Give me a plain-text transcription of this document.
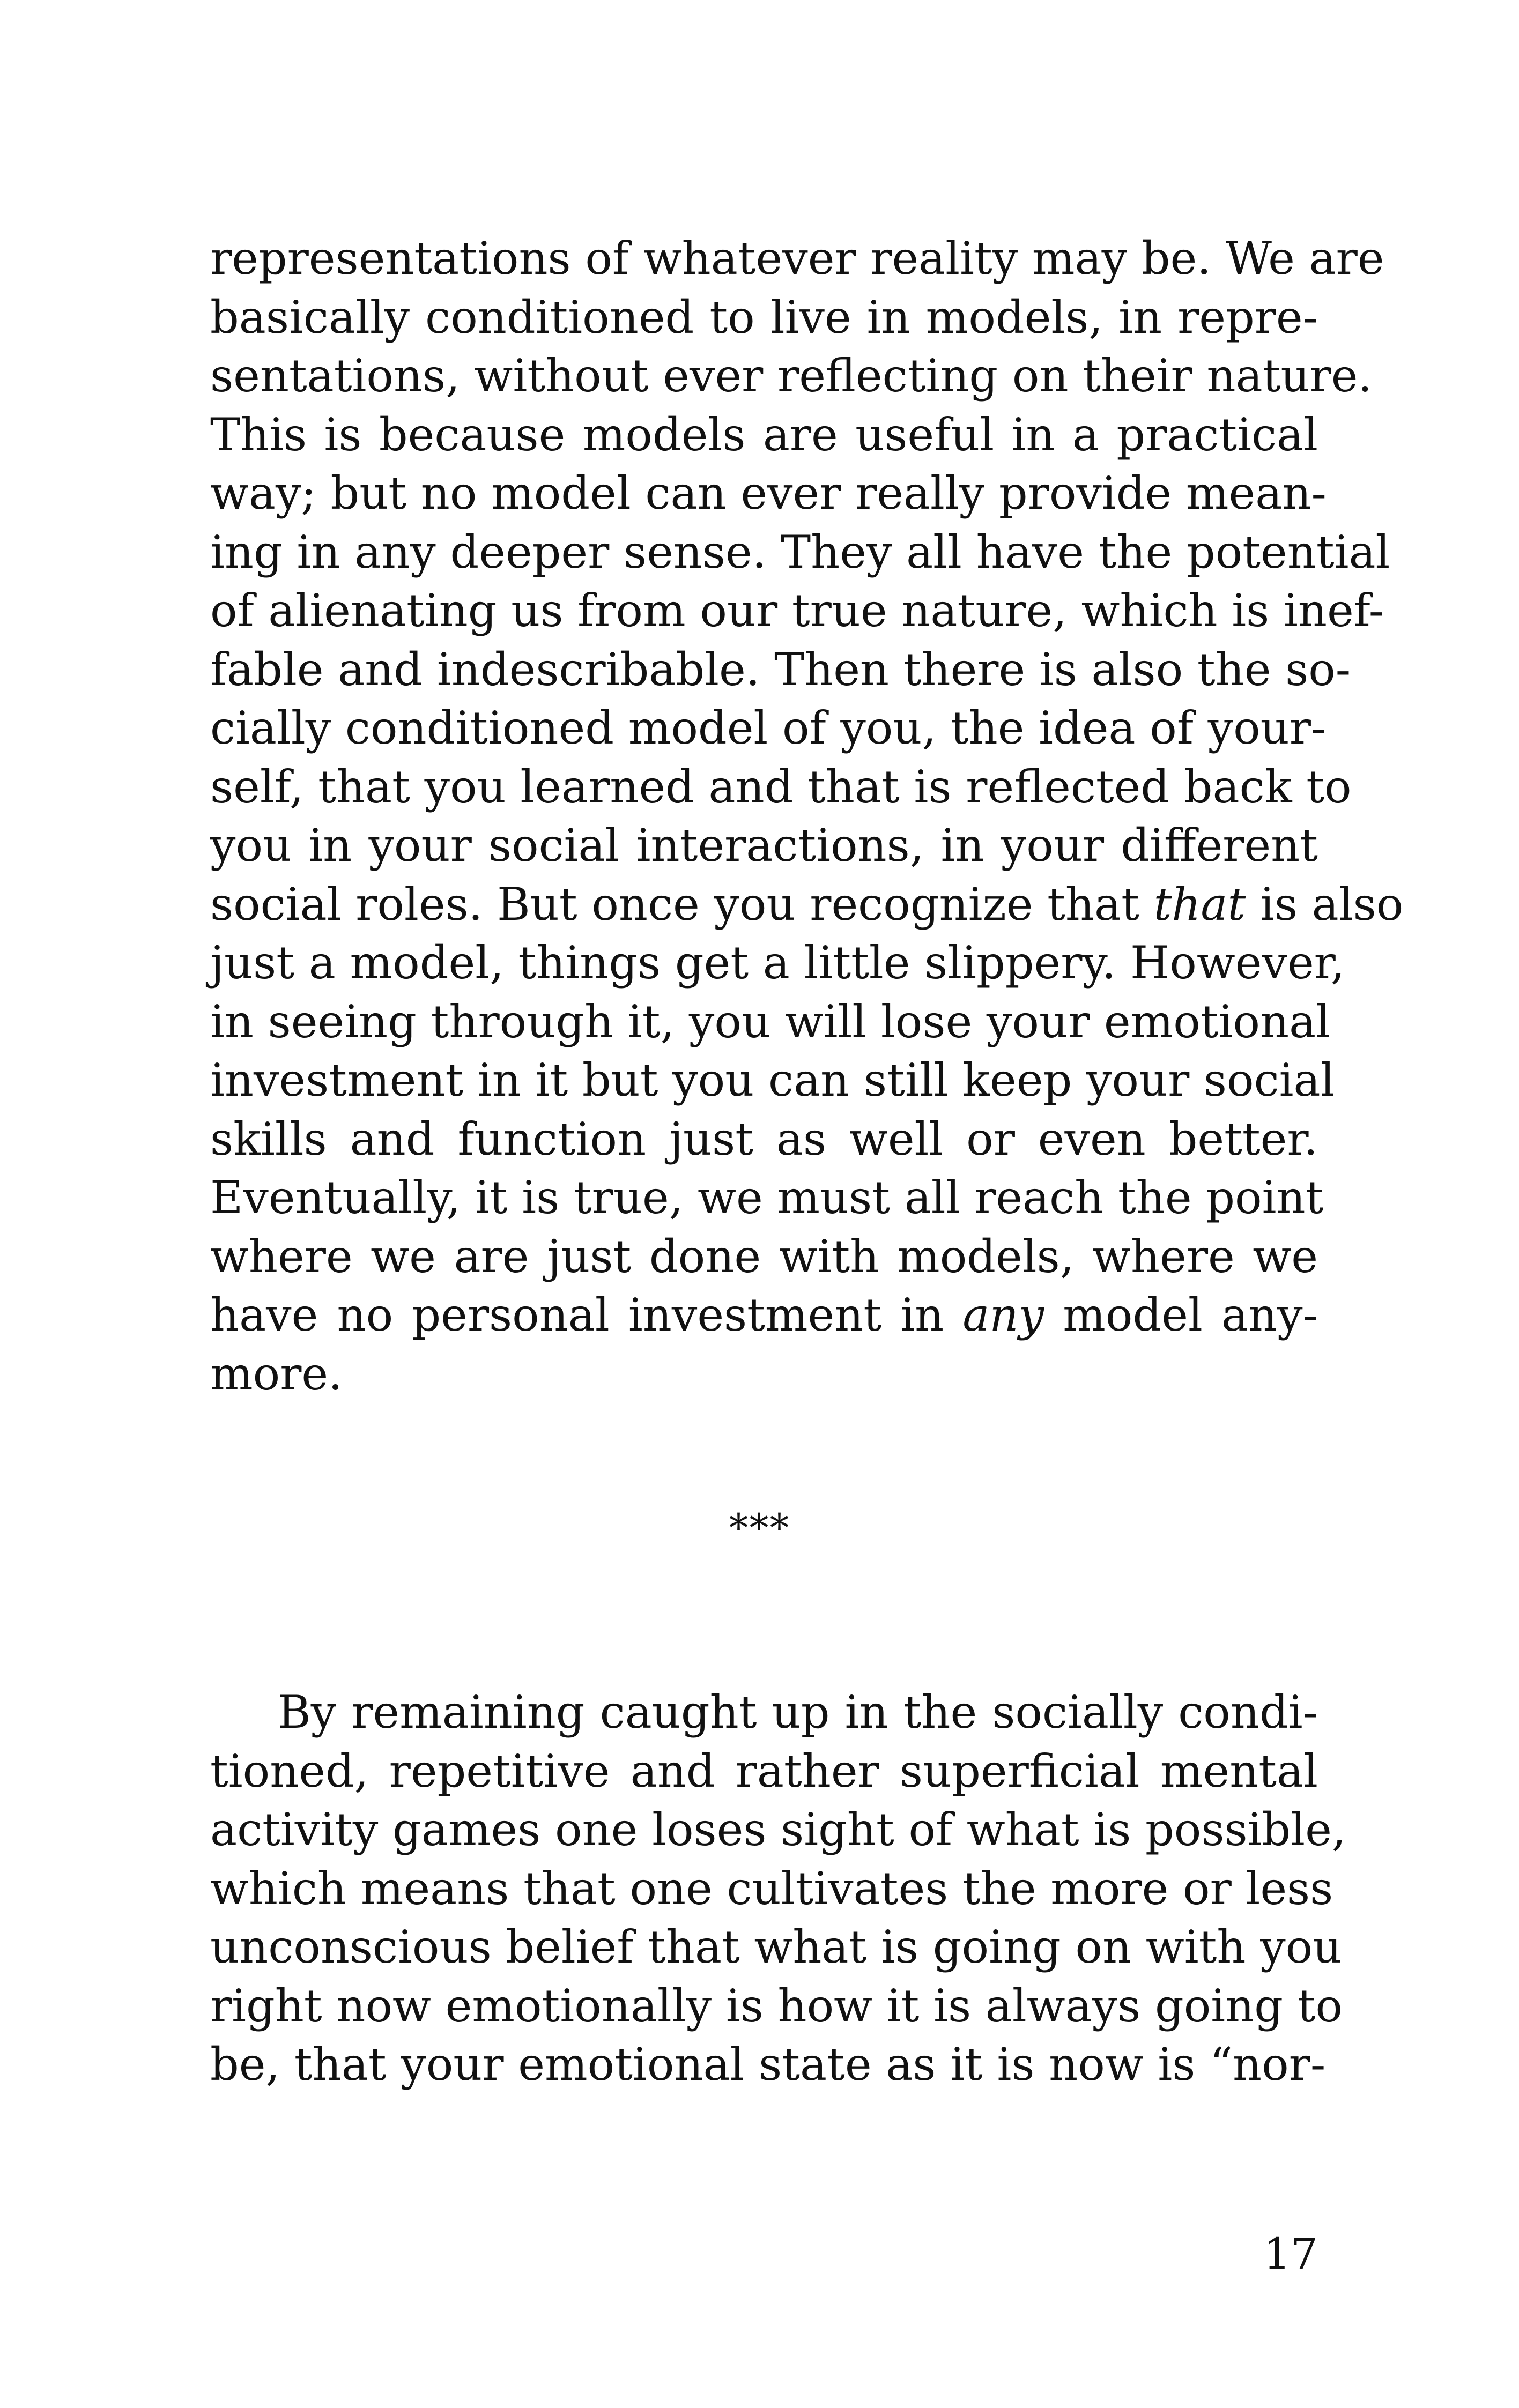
representations of whatever reality may be. We are
basically conditioned to live in models, in repre-
sentations, without ever reflecting on their nature.
This is because models are useful in a practical
way; but no model can ever really provide mean-
ing in any deeper sense. They all have the potential
of alienating us from our true nature, which is inef-
fable and indescribable. Then there is also the so-
cially conditioned model of you, the idea of your-
self, that you learned and that is reflected back to
you in your social interactions, in your different
social roles. But once you recognize that that is also
just a model, things get a little slippery. However,
in seeing through it, you will lose your emotional
investment in it but you can still keep your social
skills and function just as well or even better.
Eventually, it is true, we must all reach the point
where we are just done with models, where we
have no personal investment in any model any-
more.
***
By remaining caught up in the socially condi-
tioned, repetitive and rather superficial mental
activity games one loses sight of what is possible,
which means that one cultivates the more or less
unconscious belief that what is going on with you
right now emotionally is how it is always going to
be, that your emotional state as it is now is “nor-
17
